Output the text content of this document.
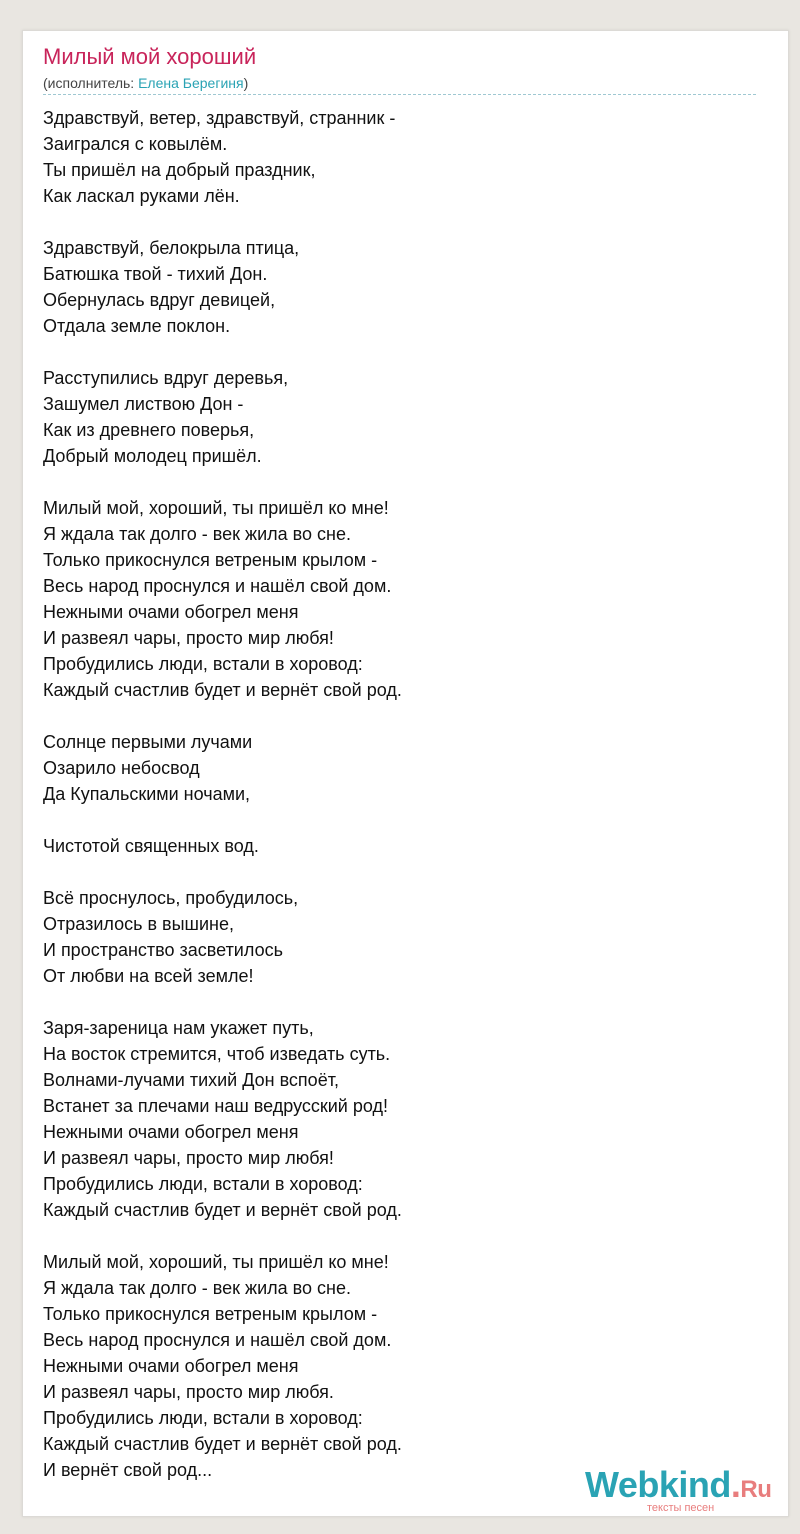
Милый мой хороший
(исполнитель: Елена Берегиня)
Здравствуй, ветер, здравствуй, странник -
Заигрался с ковылём.
Ты пришёл на добрый праздник,
Как ласкал руками лён.
Здравствуй, белокрыла птица,
Батюшка твой - тихий Дон.
Обернулась вдруг девицей,
Отдала земле поклон.
Расступились вдруг деревья,
Зашумел листвою Дон -
Как из древнего поверья,
Добрый молодец пришёл.
Милый мой, хороший, ты пришёл ко мне!
Я ждала так долго - век жила во сне.
Только прикоснулся ветреным крылом -
Весь народ проснулся и нашёл свой дом.
Нежными очами обогрел меня
И развеял чары, просто мир любя!
Пробудились люди, встали в хоровод:
Каждый счастлив будет и вернёт свой род.
Солнце первыми лучами
Озарило небосвод
Да Купальскими ночами,
Чистотой священных вод.
Всё проснулось, пробудилось,
Отразилось в вышине,
И пространство засветилось
От любви на всей земле!
Заря-зареница нам укажет путь,
На восток стремится, чтоб изведать суть.
Волнами-лучами тихий Дон вспоёт,
Встанет за плечами наш ведрусский род!
Нежными очами обогрел меня
И развеял чары, просто мир любя!
Пробудились люди, встали в хоровод:
Каждый счастлив будет и вернёт свой род.
Милый мой, хороший, ты пришёл ко мне!
Я ждала так долго - век жила во сне.
Только прикоснулся ветреным крылом -
Весь народ проснулся и нашёл свой дом.
Нежными очами обогрел меня
И развеял чары, просто мир любя.
Пробудились люди, встали в хоровод:
Каждый счастлив будет и вернёт свой род.
И вернёт свой род...	Webkind.Ru
тексты песен
